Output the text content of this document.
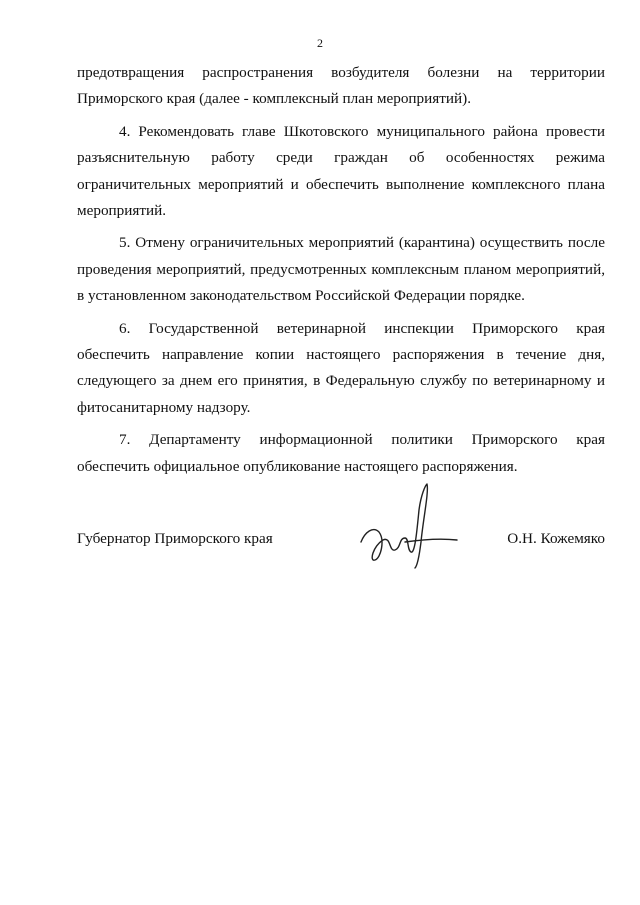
2

предотвращения распространения возбудителя болезни на территории Приморского края (далее - комплексный план мероприятий).

4. Рекомендовать главе Шкотовского муниципального района провести разъяснительную работу среди граждан об особенностях режима ограничительных мероприятий и обеспечить выполнение комплексного плана мероприятий.

5. Отмену ограничительных мероприятий (карантина) осуществить после проведения мероприятий, предусмотренных комплексным планом мероприятий, в установленном законодательством Российской Федерации порядке.

6. Государственной ветеринарной инспекции Приморского края обеспечить направление копии настоящего распоряжения в течение дня, следующего за днем его принятия, в Федеральную службу по ветеринарному и фитосанитарному надзору.

7. Департаменту информационной политики Приморского края обеспечить официальное опубликование настоящего распоряжения.

Губернатор Приморского края	О.Н. Кожемяко
